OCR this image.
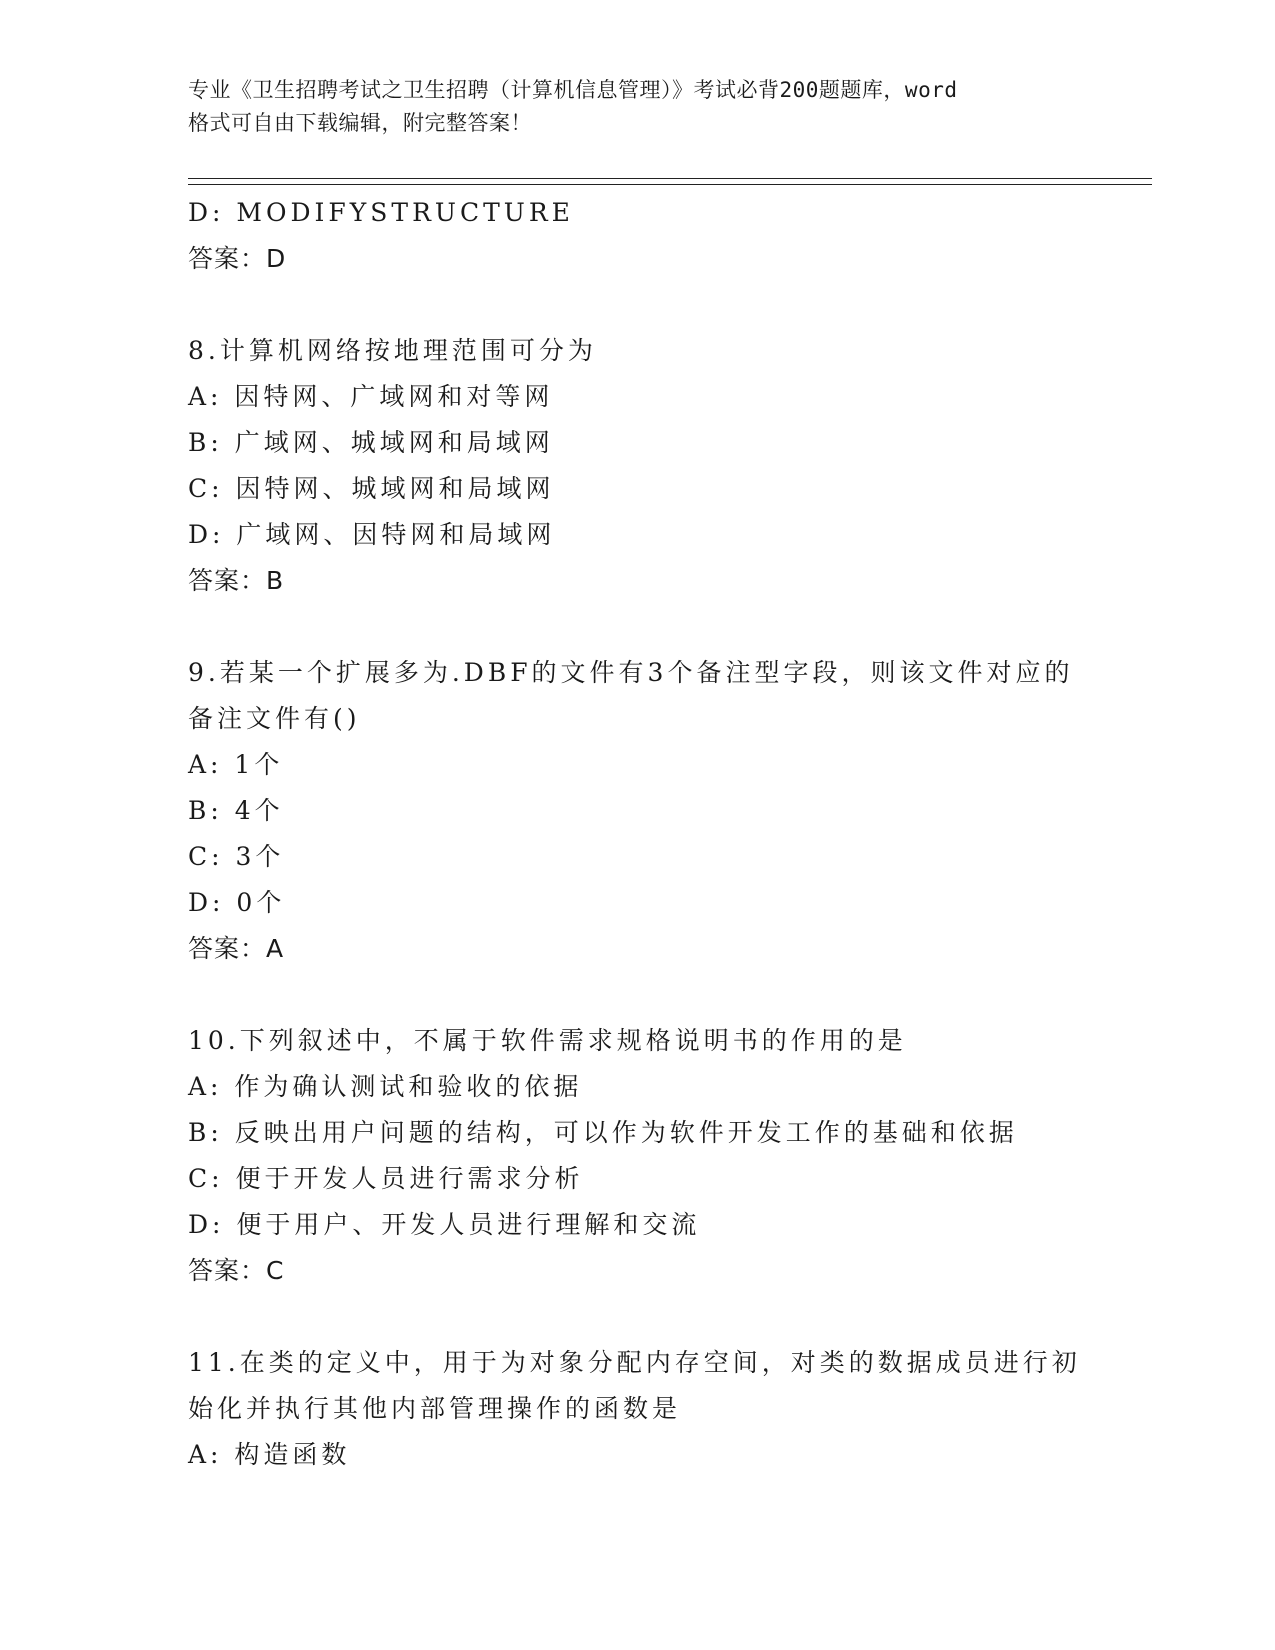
专业《卫生招聘考试之卫生招聘（计算机信息管理）》考试必背200题题库，word
格式可自由下载编辑，附完整答案！
D: MODIFYSTRUCTURE
答案：D
8.计算机网络按地理范围可分为
A: 因特网、广域网和对等网
B: 广域网、城域网和局域网
C: 因特网、城域网和局域网
D: 广域网、因特网和局域网
答案：B
9.若某一个扩展多为.DBF的文件有3个备注型字段，则该文件对应的
备注文件有()
A: 1个
B: 4个
C: 3个
D: 0个
答案：A
10.下列叙述中，不属于软件需求规格说明书的作用的是
A: 作为确认测试和验收的依据
B: 反映出用户问题的结构，可以作为软件开发工作的基础和依据
C: 便于开发人员进行需求分析
D: 便于用户、开发人员进行理解和交流
答案：C
11.在类的定义中，用于为对象分配内存空间，对类的数据成员进行初
始化并执行其他内部管理操作的函数是
A: 构造函数
